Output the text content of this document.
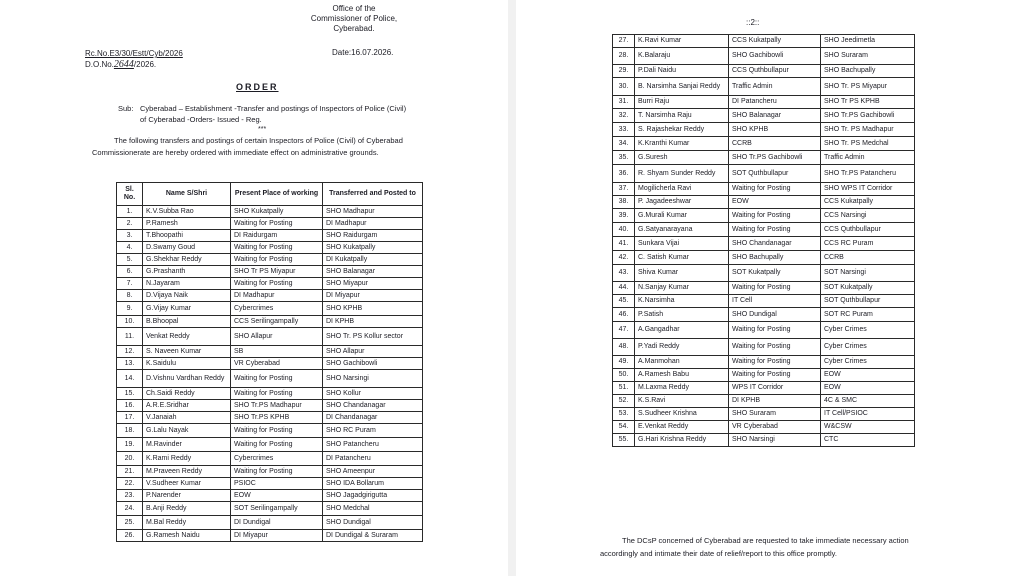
Office of the
Commissioner of Police,
Cyberabad.
Rc.No.E3/30/Estt/Cyb/2026
D.O.No.2644/2026.
Date:16.07.2026.
ORDER
Sub: Cyberabad – Establishment -Transfer and postings of Inspectors of Police (Civil)
of Cyberabad -Orders- Issued - Reg.
***
The following transfers and postings of certain Inspectors of Police (Civil) of Cyberabad Commissionerate are hereby ordered with immediate effect on administrative grounds.
Sl. No.	Name S/Shri	Present Place of working	Transferred and Posted to
1.	K.V.Subba Rao	SHO Kukatpally	SHO Madhapur
2.	P.Ramesh	Waiting for Posting	DI Madhapur
3.	T.Bhoopathi	DI Raidurgam	SHO Raidurgam
4.	D.Swamy Goud	Waiting for Posting	SHO Kukatpally
5.	G.Shekhar Reddy	Waiting for Posting	DI Kukatpally
6.	G.Prashanth	SHO Tr PS Miyapur	SHO Balanagar
7.	N.Jayaram	Waiting for Posting	SHO Miyapur
8.	D.Vijaya Naik	DI Madhapur	DI Miyapur
9.	G.Vijay Kumar	Cybercrimes	SHO KPHB
10.	B.Bhoopal	CCS Serilingampally	DI KPHB
11.	Venkat Reddy	SHO Allapur	SHO Tr. PS Kollur sector
12.	S. Naveen Kumar	SB	SHO Allapur
13.	K.Saidulu	VR Cyberabad	SHO Gachibowli
14.	D.Vishnu Vardhan Reddy	Waiting for Posting	SHO Narsingi
15.	Ch.Saidi Reddy	Waiting for Posting	SHO Kollur
16.	A.R.E.Sridhar	SHO Tr.PS Madhapur	SHO Chandanagar
17.	V.Janaiah	SHO Tr.PS KPHB	DI Chandanagar
18.	G.Lalu Nayak	Waiting for Posting	SHO RC Puram
19.	M.Ravinder	Waiting for Posting	SHO Patancheru
20.	K.Rami Reddy	Cybercrimes	DI Patancheru
21.	M.Praveen Reddy	Waiting for Posting	SHO Ameenpur
22.	V.Sudheer Kumar	PSIOC	SHO IDA Bollarum
23.	P.Narender	EOW	SHO Jagadgirigutta
24.	B.Anji Reddy	SOT Serilingampally	SHO Medchal
25.	M.Bal Reddy	DI Dundigal	SHO Dundigal
26.	G.Ramesh Naidu	DI Miyapur	DI Dundigal & Suraram
::2::
27.	K.Ravi Kumar	CCS Kukatpally	SHO Jeedimetla
28.	K.Balaraju	SHO Gachibowli	SHO Suraram
29.	P.Dali Naidu	CCS Quthbullapur	SHO Bachupally
30.	B. Narsimha Sanjai Reddy	Traffic Admin	SHO Tr. PS Miyapur
31.	Burri Raju	DI Patancheru	SHO Tr PS KPHB
32.	T. Narsimha Raju	SHO Balanagar	SHO Tr.PS Gachibowli
33.	S. Rajashekar Reddy	SHO KPHB	SHO Tr. PS Madhapur
34.	K.Kranthi Kumar	CCRB	SHO Tr. PS Medchal
35.	G.Suresh	SHO Tr.PS Gachibowli	Traffic Admin
36.	R. Shyam Sunder Reddy	SOT Quthbullapur	SHO Tr.PS Patancheru
37.	Mogilicherla Ravi	Waiting for Posting	SHO WPS IT Corridor
38.	P. Jagadeeshwar	EOW	CCS Kukatpally
39.	G.Murali Kumar	Waiting for Posting	CCS Narsingi
40.	G.Satyanarayana	Waiting for Posting	CCS Quthbullapur
41.	Sunkara Vijai	SHO Chandanagar	CCS RC Puram
42.	C. Satish Kumar	SHO Bachupally	CCRB
43.	Shiva Kumar	SOT Kukatpally	SOT Narsingi
44.	N.Sanjay Kumar	Waiting for Posting	SOT Kukatpally
45.	K.Narsimha	IT Cell	SOT Quthbullapur
46.	P.Satish	SHO Dundigal	SOT RC Puram
47.	A.Gangadhar	Waiting for Posting	Cyber Crimes
48.	P.Yadi Reddy	Waiting for Posting	Cyber Crimes
49.	A.Manmohan	Waiting for Posting	Cyber Crimes
50.	A.Ramesh Babu	Waiting for Posting	EOW
51.	M.Laxma Reddy	WPS IT Corridor	EOW
52.	K.S.Ravi	DI KPHB	4C & SMC
53.	S.Sudheer Krishna	SHO Suraram	IT Cell/PSIOC
54.	E.Venkat Reddy	VR Cyberabad	W&CSW
55.	G.Hari Krishna Reddy	SHO Narsingi	CTC
The DCsP concerned of Cyberabad are requested to take immediate necessary action accordingly and intimate their date of relief/report to this office promptly.
